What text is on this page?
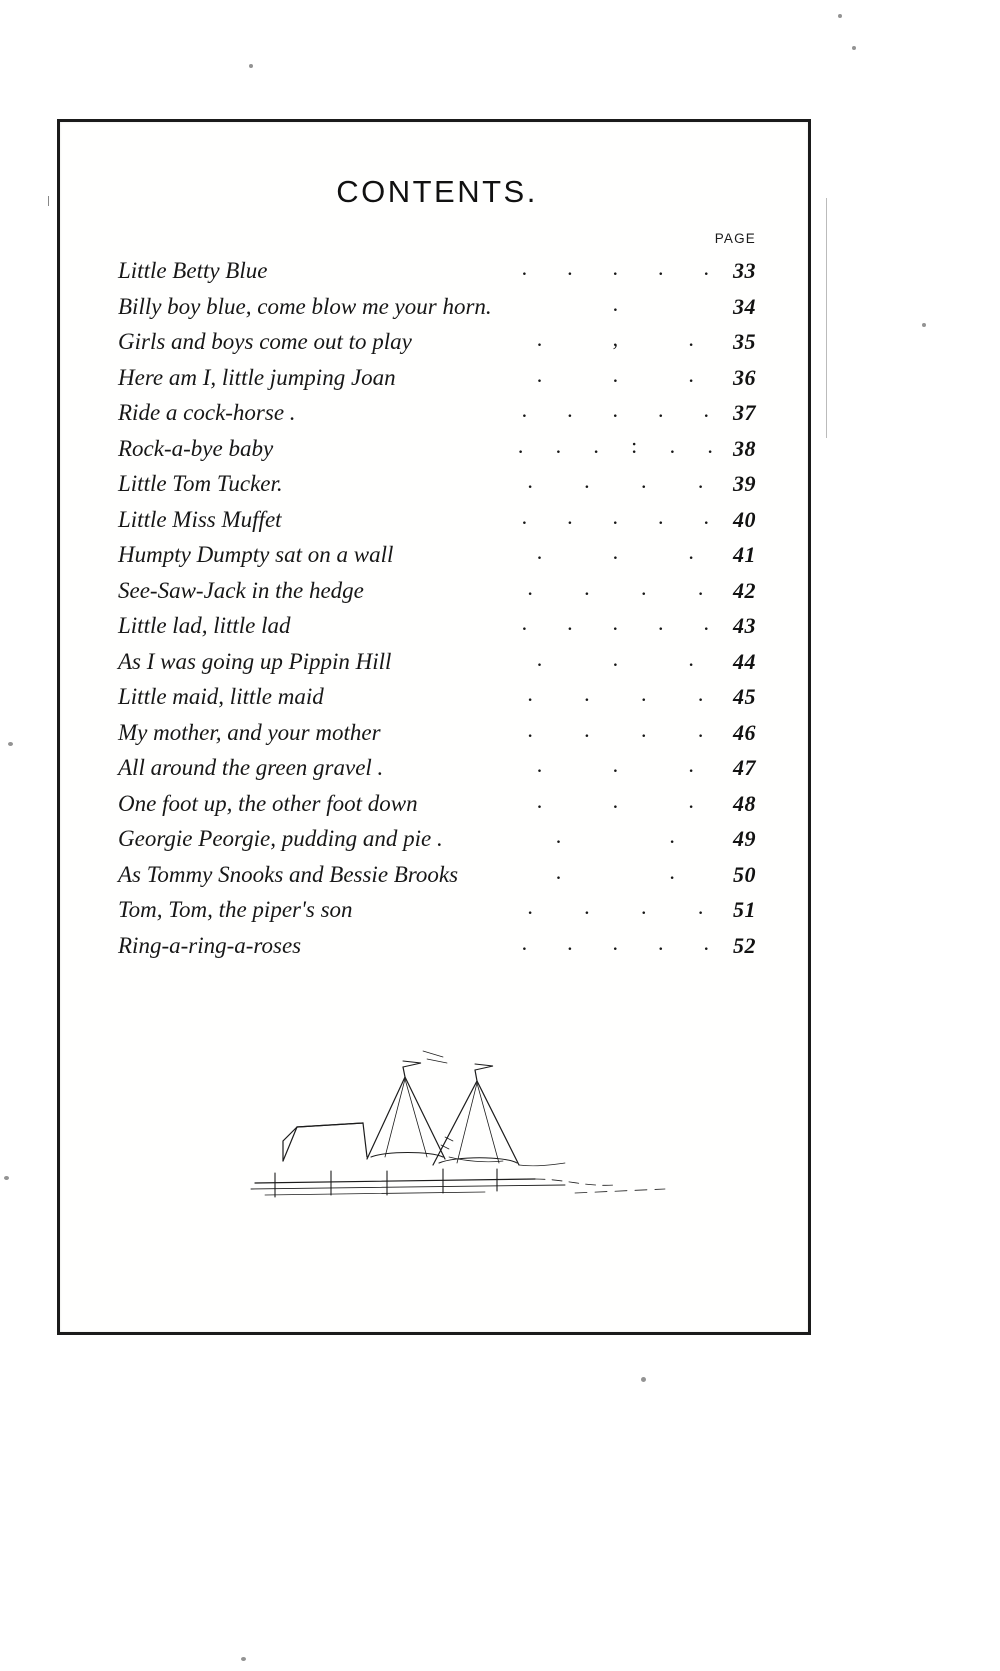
CONTENTS.
PAGE
Little Betty Blue	. . . . .	33
Billy boy blue, come blow me your horn.	.	34
Girls and boys come out to play	. , .	35
Here am I, little jumping Joan	. . .	36
Ride a cock-horse .	. . . . .	37
Rock-a-bye baby	. . . : . .	38
Little Tom Tucker.	. . . .	39
Little Miss Muffet	. . . . .	40
Humpty Dumpty sat on a wall	. . .	41
See-Saw-Jack in the hedge	. . . .	42
Little lad, little lad	. . . . .	43
As I was going up Pippin Hill	. . .	44
Little maid, little maid	. . . .	45
My mother, and your mother	. . . .	46
All around the green gravel .	. . .	47
One foot up, the other foot down	. . .	48
Georgie Peorgie, pudding and pie .	. .	49
As Tommy Snooks and Bessie Brooks	. .	50
Tom, Tom, the piper's son	. . . .	51
Ring-a-ring-a-roses	. . . . .	52
